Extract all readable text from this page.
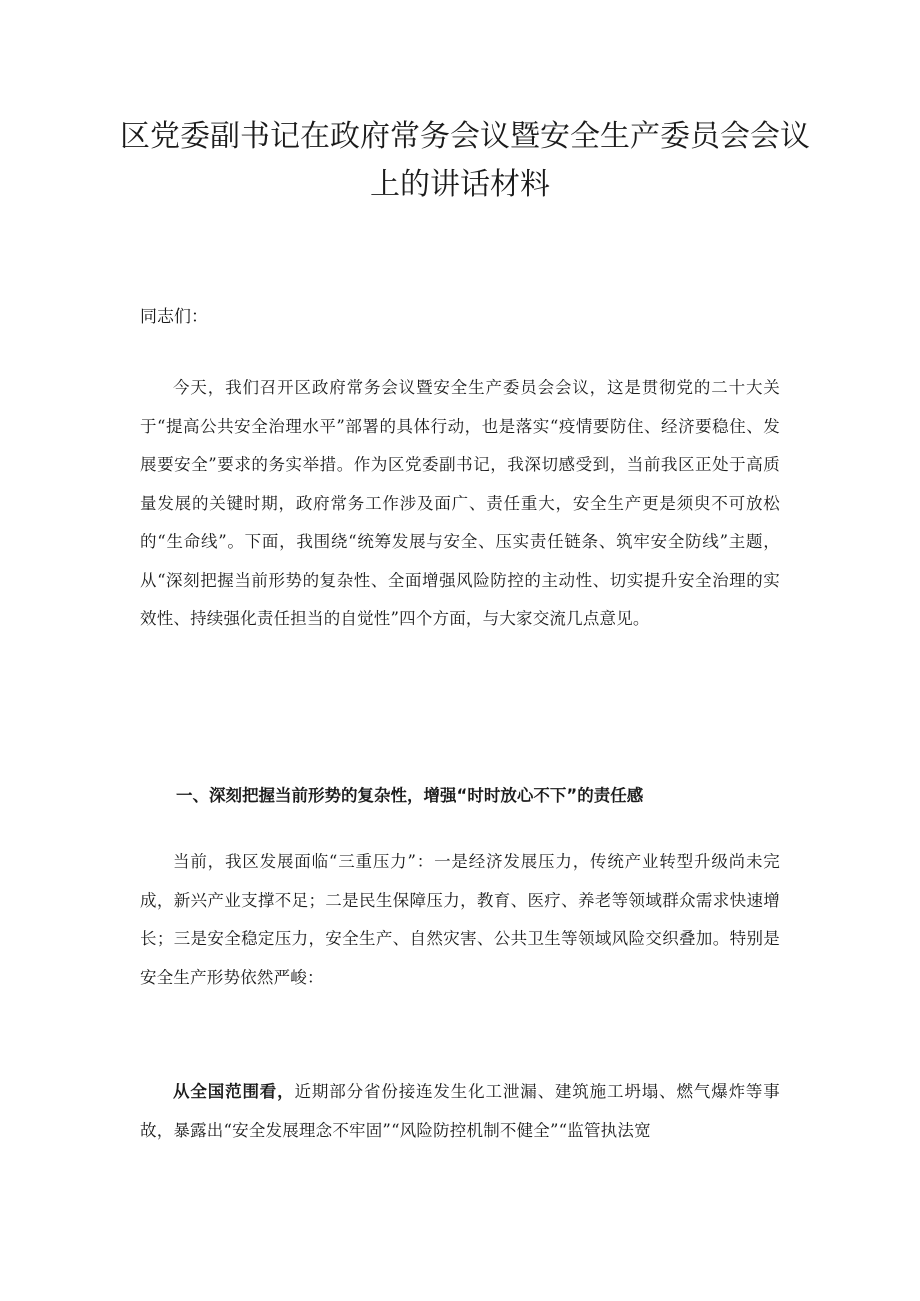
区党委副书记在政府常务会议暨安全生产委员会会议
上的讲话材料
同志们：

今天，我们召开区政府常务会议暨安全生产委员会会议，这是贯彻党的二十大关于“提高公共安全治理水平”部署的具体行动，也是落实“疫情要防住、经济要稳住、发展要安全”要求的务实举措。作为区党委副书记，我深切感受到，当前我区正处于高质量发展的关键时期，政府常务工作涉及面广、责任重大，安全生产更是须臾不可放松的“生命线”。下面，我围绕“统筹发展与安全、压实责任链条、筑牢安全防线”主题，从“深刻把握当前形势的复杂性、全面增强风险防控的主动性、切实提升安全治理的实效性、持续强化责任担当的自觉性”四个方面，与大家交流几点意见。

一、深刻把握当前形势的复杂性，增强“时时放心不下”的责任感

当前，我区发展面临“三重压力”：一是经济发展压力，传统产业转型升级尚未完成，新兴产业支撑不足；二是民生保障压力，教育、医疗、养老等领域群众需求快速增长；三是安全稳定压力，安全生产、自然灾害、公共卫生等领域风险交织叠加。特别是安全生产形势依然严峻：

从全国范围看，近期部分省份接连发生化工泄漏、建筑施工坍塌、燃气爆炸等事故，暴露出“安全发展理念不牢固”“风险防控机制不健全”“监管执法宽
